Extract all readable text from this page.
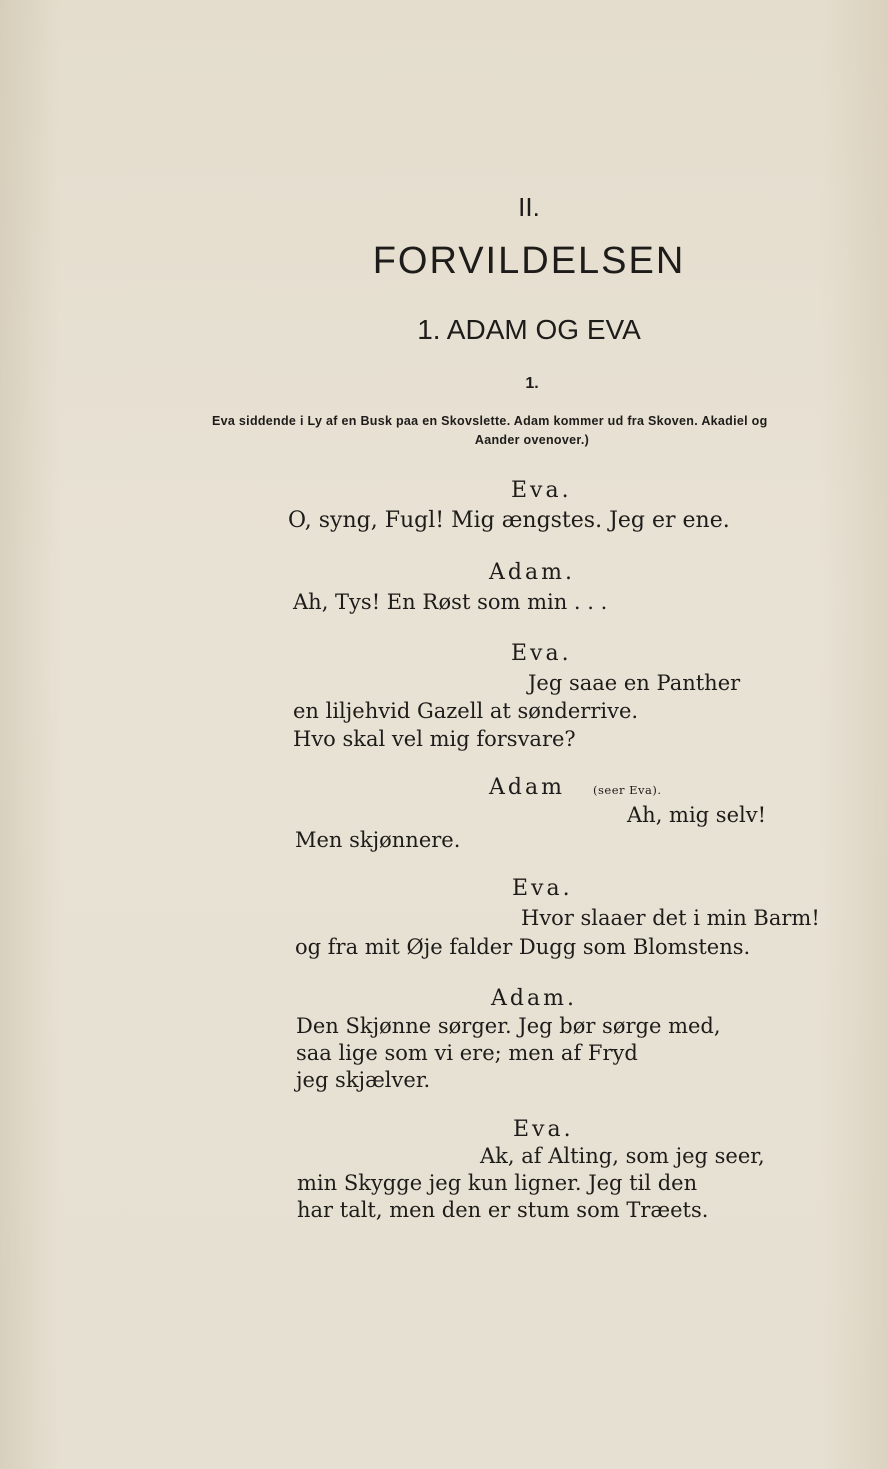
II.
FORVILDELSEN
1. ADAM OG EVA
1.
Eva siddende i Ly af en Busk paa en Skovslette. Adam kommer ud fra Skoven. Akadiel og
Aander ovenover.)
Eva.
O, syng, Fugl! Mig ængstes. Jeg er ene.
Adam.
Ah, Tys! En Røst som min . . .
Eva.
Jeg saae en Panther
en liljehvid Gazell at sønderrive.
Hvo skal vel mig forsvare?
Adam (seer Eva).
Ah, mig selv!
Men skjønnere.
Eva.
Hvor slaaer det i min Barm!
og fra mit Øje falder Dugg som Blomstens.
Adam.
Den Skjønne sørger. Jeg bør sørge med,
saa lige som vi ere; men af Fryd
jeg skjælver.
Eva.
Ak, af Alting, som jeg seer,
min Skygge jeg kun ligner. Jeg til den
har talt, men den er stum som Træets.
